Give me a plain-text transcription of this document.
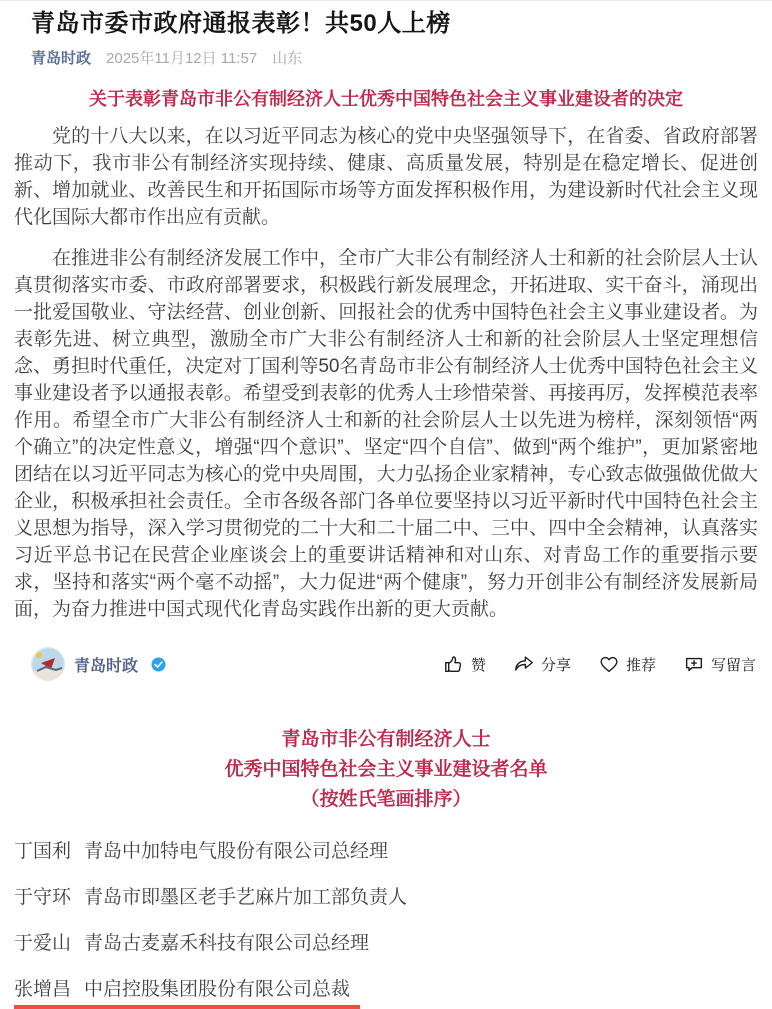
青岛市委市政府通报表彰！共50人上榜
青岛时政 2025年11月12日 11:57 山东
关于表彰青岛市非公有制经济人士优秀中国特色社会主义事业建设者的决定

党的十八大以来，在以习近平同志为核心的党中央坚强领导下，在省委、省政府部署推动下，我市非公有制经济实现持续、健康、高质量发展，特别是在稳定增长、促进创新、增加就业、改善民生和开拓国际市场等方面发挥积极作用，为建设新时代社会主义现代化国际大都市作出应有贡献。

在推进非公有制经济发展工作中，全市广大非公有制经济人士和新的社会阶层人士认真贯彻落实市委、市政府部署要求，积极践行新发展理念，开拓进取、实干奋斗，涌现出一批爱国敬业、守法经营、创业创新、回报社会的优秀中国特色社会主义事业建设者。为表彰先进、树立典型，激励全市广大非公有制经济人士和新的社会阶层人士坚定理想信念、勇担时代重任，决定对丁国利等50名青岛市非公有制经济人士优秀中国特色社会主义事业建设者予以通报表彰。希望受到表彰的优秀人士珍惜荣誉、再接再厉，发挥模范表率作用。希望全市广大非公有制经济人士和新的社会阶层人士以先进为榜样，深刻领悟“两个确立”的决定性意义，增强“四个意识”、坚定“四个自信”、做到“两个维护”，更加紧密地团结在以习近平同志为核心的党中央周围，大力弘扬企业家精神，专心致志做强做优做大企业，积极承担社会责任。全市各级各部门各单位要坚持以习近平新时代中国特色社会主义思想为指导，深入学习贯彻党的二十大和二十届二中、三中、四中全会精神，认真落实习近平总书记在民营企业座谈会上的重要讲话精神和对山东、对青岛工作的重要指示要求，坚持和落实“两个毫不动摇”，大力促进“两个健康”，努力开创非公有制经济发展新局面，为奋力推进中国式现代化青岛实践作出新的更大贡献。

青岛时政	赞	分享	推荐	写留言
青岛市非公有制经济人士
优秀中国特色社会主义事业建设者名单
（按姓氏笔画排序）
丁国利 青岛中加特电气股份有限公司总经理
于守环 青岛市即墨区老手艺麻片加工部负责人
于爱山 青岛古麦嘉禾科技有限公司总经理
张增昌 中启控股集团股份有限公司总裁
